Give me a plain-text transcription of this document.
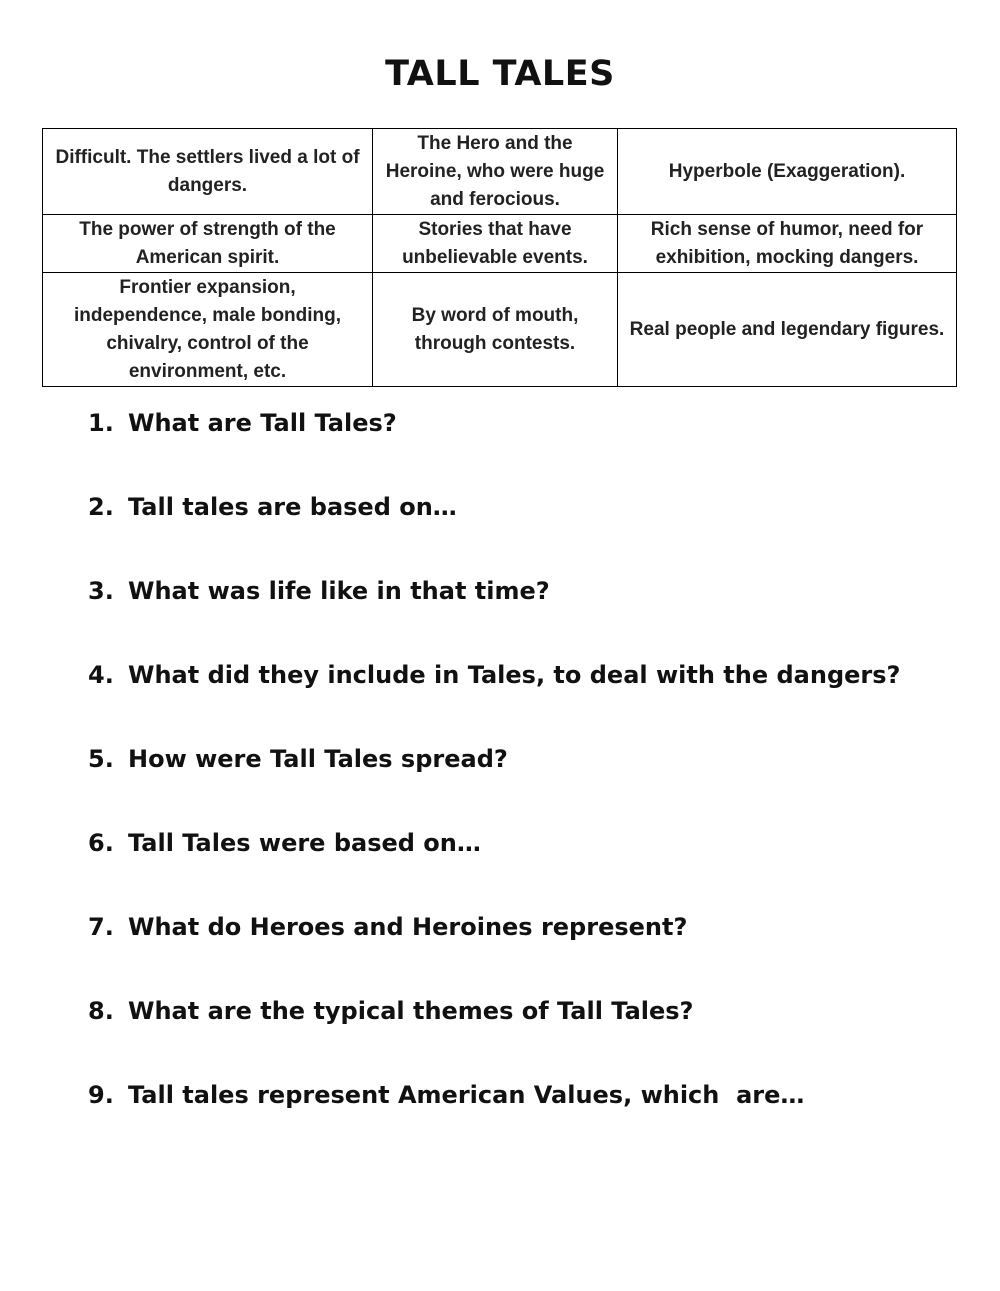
TALL TALES
Difficult. The settlers lived a lot of dangers.	The Hero and the Heroine, who were huge and ferocious.	Hyperbole (Exaggeration).
The power of strength of the American spirit.	Stories that have unbelievable events.	Rich sense of humor, need for exhibition, mocking dangers.
Frontier expansion, independence, male bonding, chivalry, control of the environment, etc.	By word of mouth, through contests.	Real people and legendary figures.
1. What are Tall Tales?
2. Tall tales are based on…
3. What was life like in that time?
4. What did they include in Tales, to deal with the dangers?
5. How were Tall Tales spread?
6. Tall Tales were based on…
7. What do Heroes and Heroines represent?
8. What are the typical themes of Tall Tales?
9. Tall tales represent American Values, which  are…
